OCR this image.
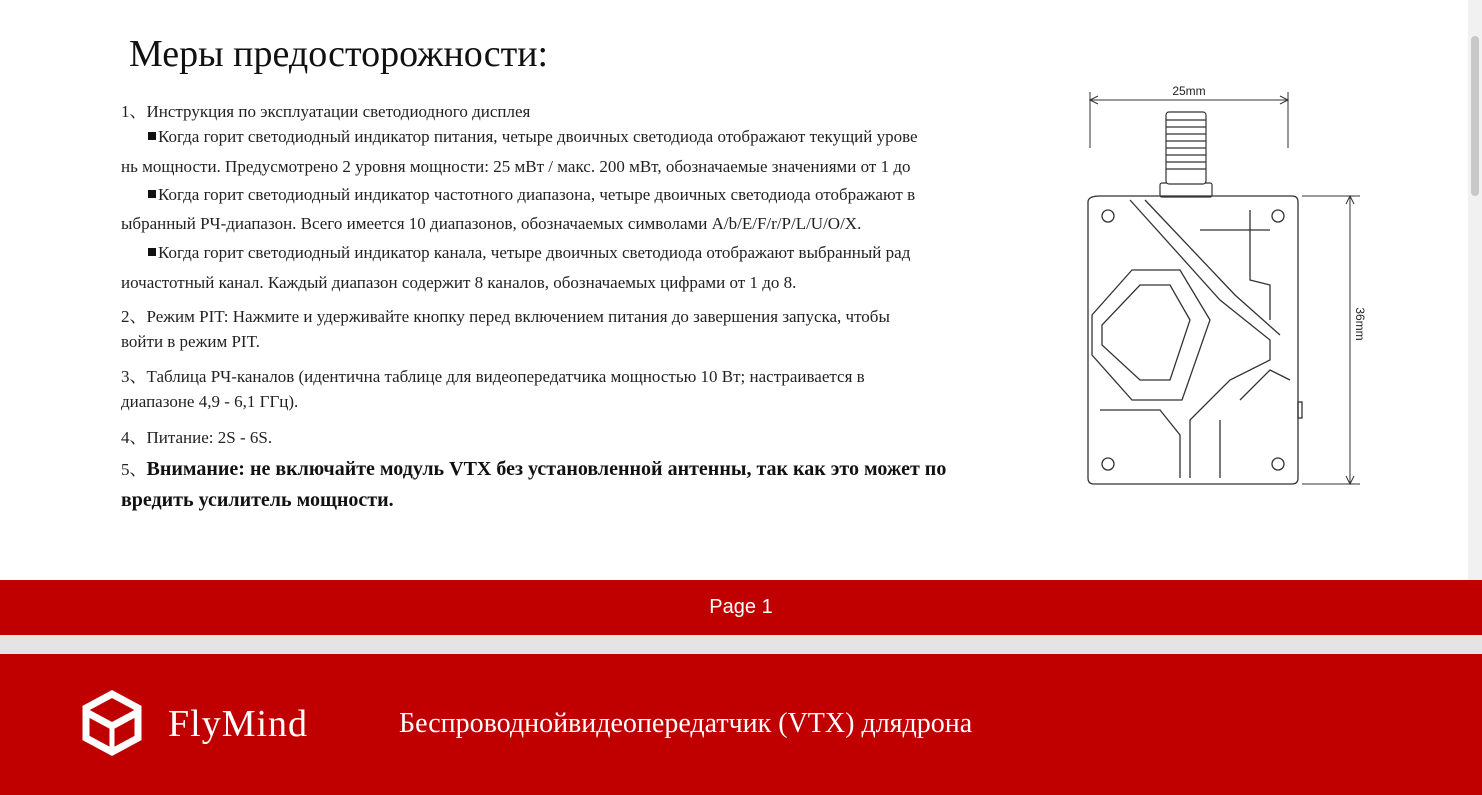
Меры предосторожности:
1、Инструкция по эксплуатации светодиодного дисплея
Когда горит светодиодный индикатор питания, четыре двоичных светодиода отображают текущий урове
нь мощности. Предусмотрено 2 уровня мощности: 25 мВт / макс. 200 мВт, обозначаемые значениями от 1 до
Когда горит светодиодный индикатор частотного диапазона, четыре двоичных светодиода отображают в
ыбранный РЧ-диапазон. Всего имеется 10 диапазонов, обозначаемых символами A/b/E/F/r/P/L/U/O/X.
Когда горит светодиодный индикатор канала, четыре двоичных светодиода отображают выбранный рад
иочастотный канал. Каждый диапазон содержит 8 каналов, обозначаемых цифрами от 1 до 8.
2、Режим PIT: Нажмите и удерживайте кнопку перед включением питания до завершения запуска, чтобы
войти в режим PIT.
3、Таблица РЧ-каналов (идентична таблице для видеопередатчика мощностью 10 Вт; настраивается в
диапазоне 4,9 - 6,1 ГГц).
4、Питание: 2S - 6S.
5、Внимание: не включайте модуль VTX без установленной антенны, так как это может по
вредить усилитель мощности.
25mm
36mm
Page 1
FlyMind	Беспроводнойвидеопередатчик (VTX) длядрона
